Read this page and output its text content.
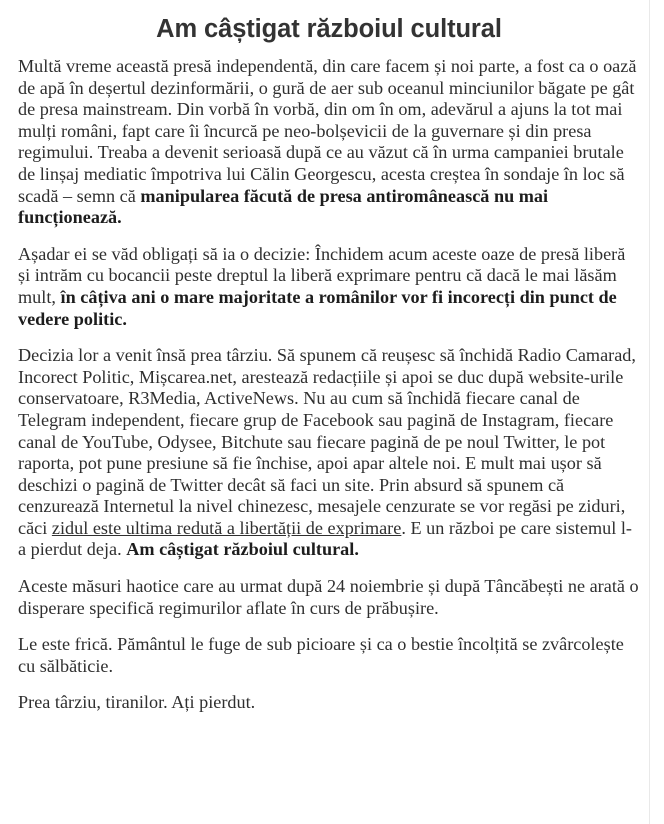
Am câștigat războiul cultural

Multă vreme această presă independentă, din care facem și noi parte, a fost ca o oază de apă în deșertul dezinformării, o gură de aer sub oceanul minciunilor băgate pe gât de presa mainstream. Din vorbă în vorbă, din om în om, adevărul a ajuns la tot mai mulți români, fapt care îi încurcă pe neo-bolșevicii de la guvernare și din presa regimului. Treaba a devenit serioasă după ce au văzut că în urma campaniei brutale de linșaj mediatic împotriva lui Călin Georgescu, acesta creștea în sondaje în loc să scadă – semn că manipularea făcută de presa antiromânească nu mai funcționează.

Așadar ei se văd obligați să ia o decizie: Închidem acum aceste oaze de presă liberă și intrăm cu bocancii peste dreptul la liberă exprimare pentru că dacă le mai lăsăm mult, în câțiva ani o mare majoritate a românilor vor fi incorecți din punct de vedere politic.

Decizia lor a venit însă prea târziu. Să spunem că reușesc să închidă Radio Camarad, Incorect Politic, Mișcarea.net, arestează redacțiile și apoi se duc după website-urile conservatoare, R3Media, ActiveNews. Nu au cum să închidă fiecare canal de Telegram independent, fiecare grup de Facebook sau pagină de Instagram, fiecare canal de YouTube, Odysee, Bitchute sau fiecare pagină de pe noul Twitter, le pot raporta, pot pune presiune să fie închise, apoi apar altele noi. E mult mai ușor să deschizi o pagină de Twitter decât să faci un site. Prin absurd să spunem că cenzurează Internetul la nivel chinezesc, mesajele cenzurate se vor regăsi pe ziduri, căci zidul este ultima redută a libertății de exprimare. E un război pe care sistemul l-a pierdut deja. Am câștigat războiul cultural.

Aceste măsuri haotice care au urmat după 24 noiembrie și după Tâncăbești ne arată o disperare specifică regimurilor aflate în curs de prăbușire.

Le este frică. Pământul le fuge de sub picioare și ca o bestie încolțită se zvârcolește cu sălbăticie.

Prea târziu, tiranilor. Ați pierdut.
